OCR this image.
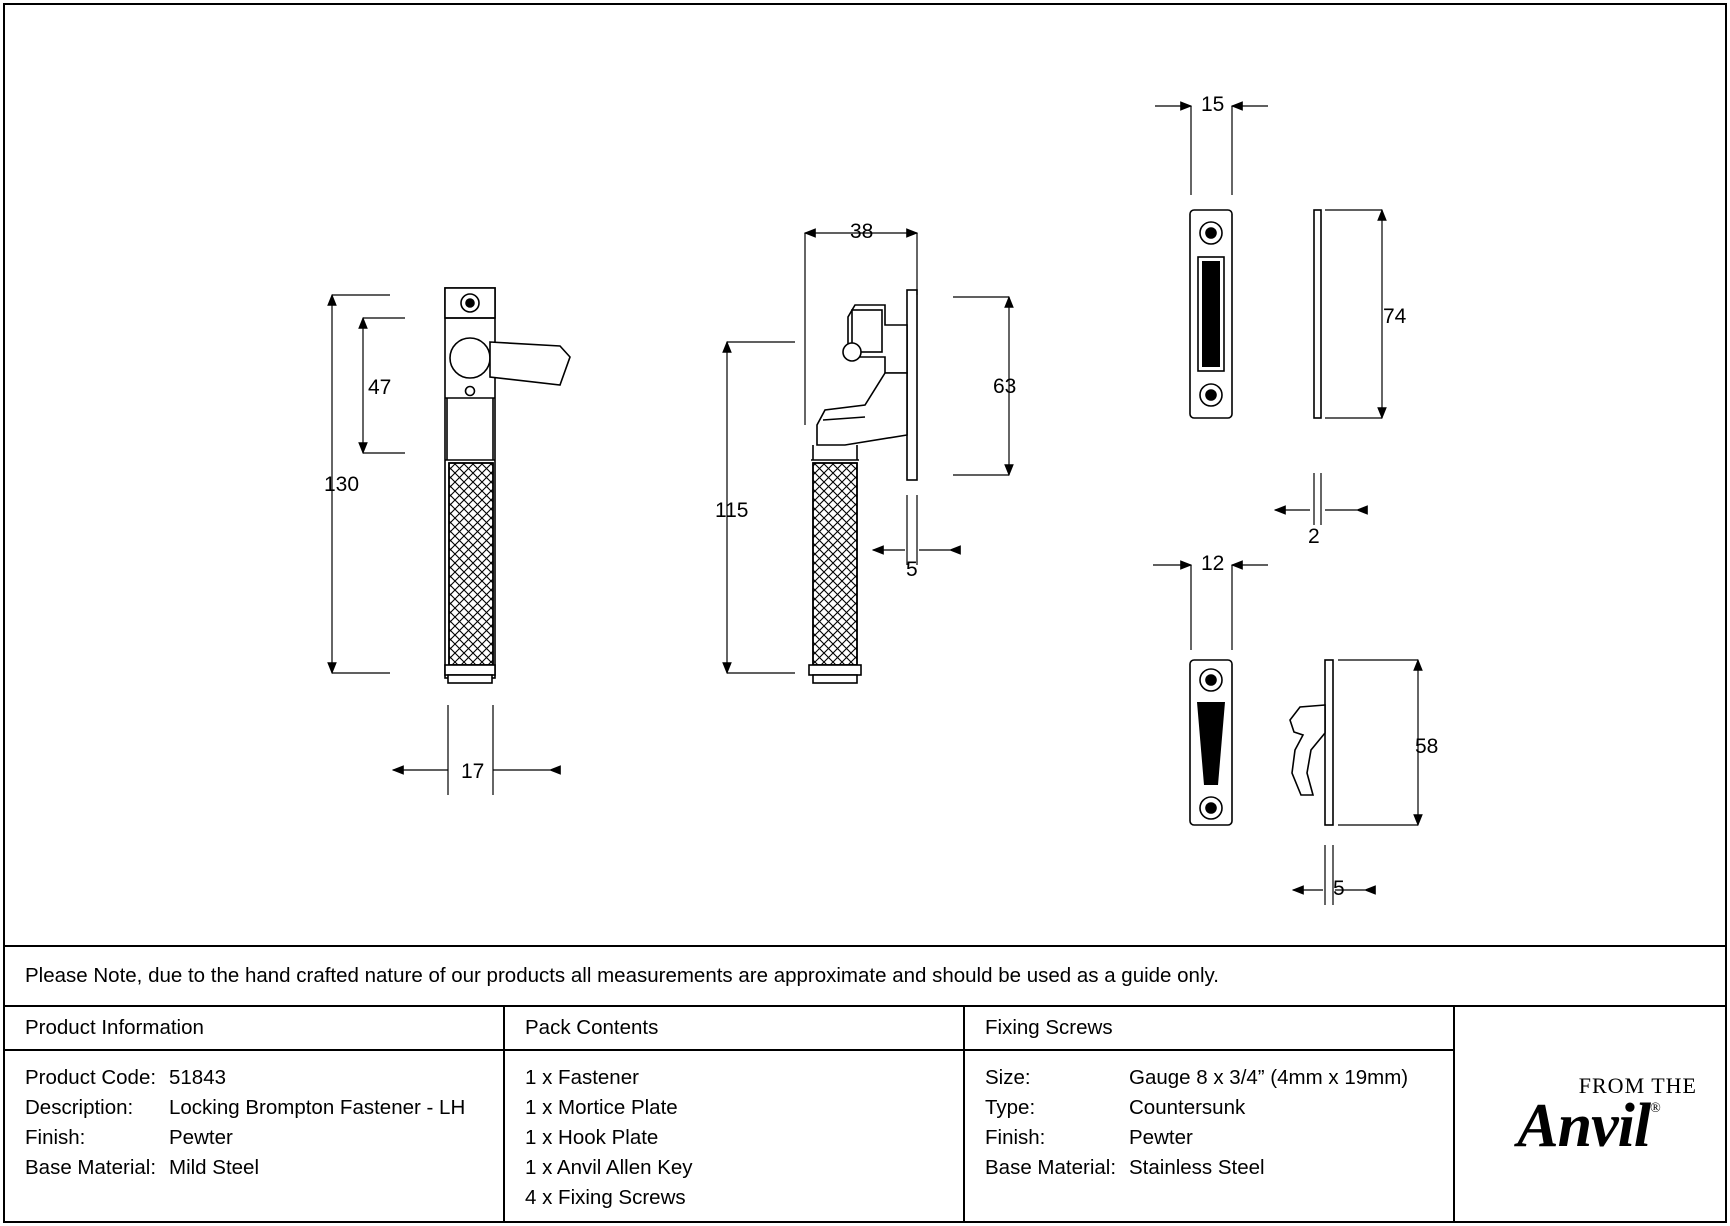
130
47
17
38
115
63
5
15
74
2
12
58
5
Please Note, due to the hand crafted nature of our products all measurements are approximate and should be used as a guide only.
Product Information
Product Code: 51843
Description:	Locking Brompton Fastener - LH
Finish:	Pewter
Base Material: Mild Steel
Pack Contents
1 x Fastener
1 x Mortice Plate
1 x Hook Plate
1 x Anvil Allen Key
4 x Fixing Screws
Fixing Screws
Size:	Gauge 8 x 3/4” (4mm x 19mm)
Type:	Countersunk
Finish:	Pewter
Base Material: Stainless Steel
FROM THE
Anvil ®
